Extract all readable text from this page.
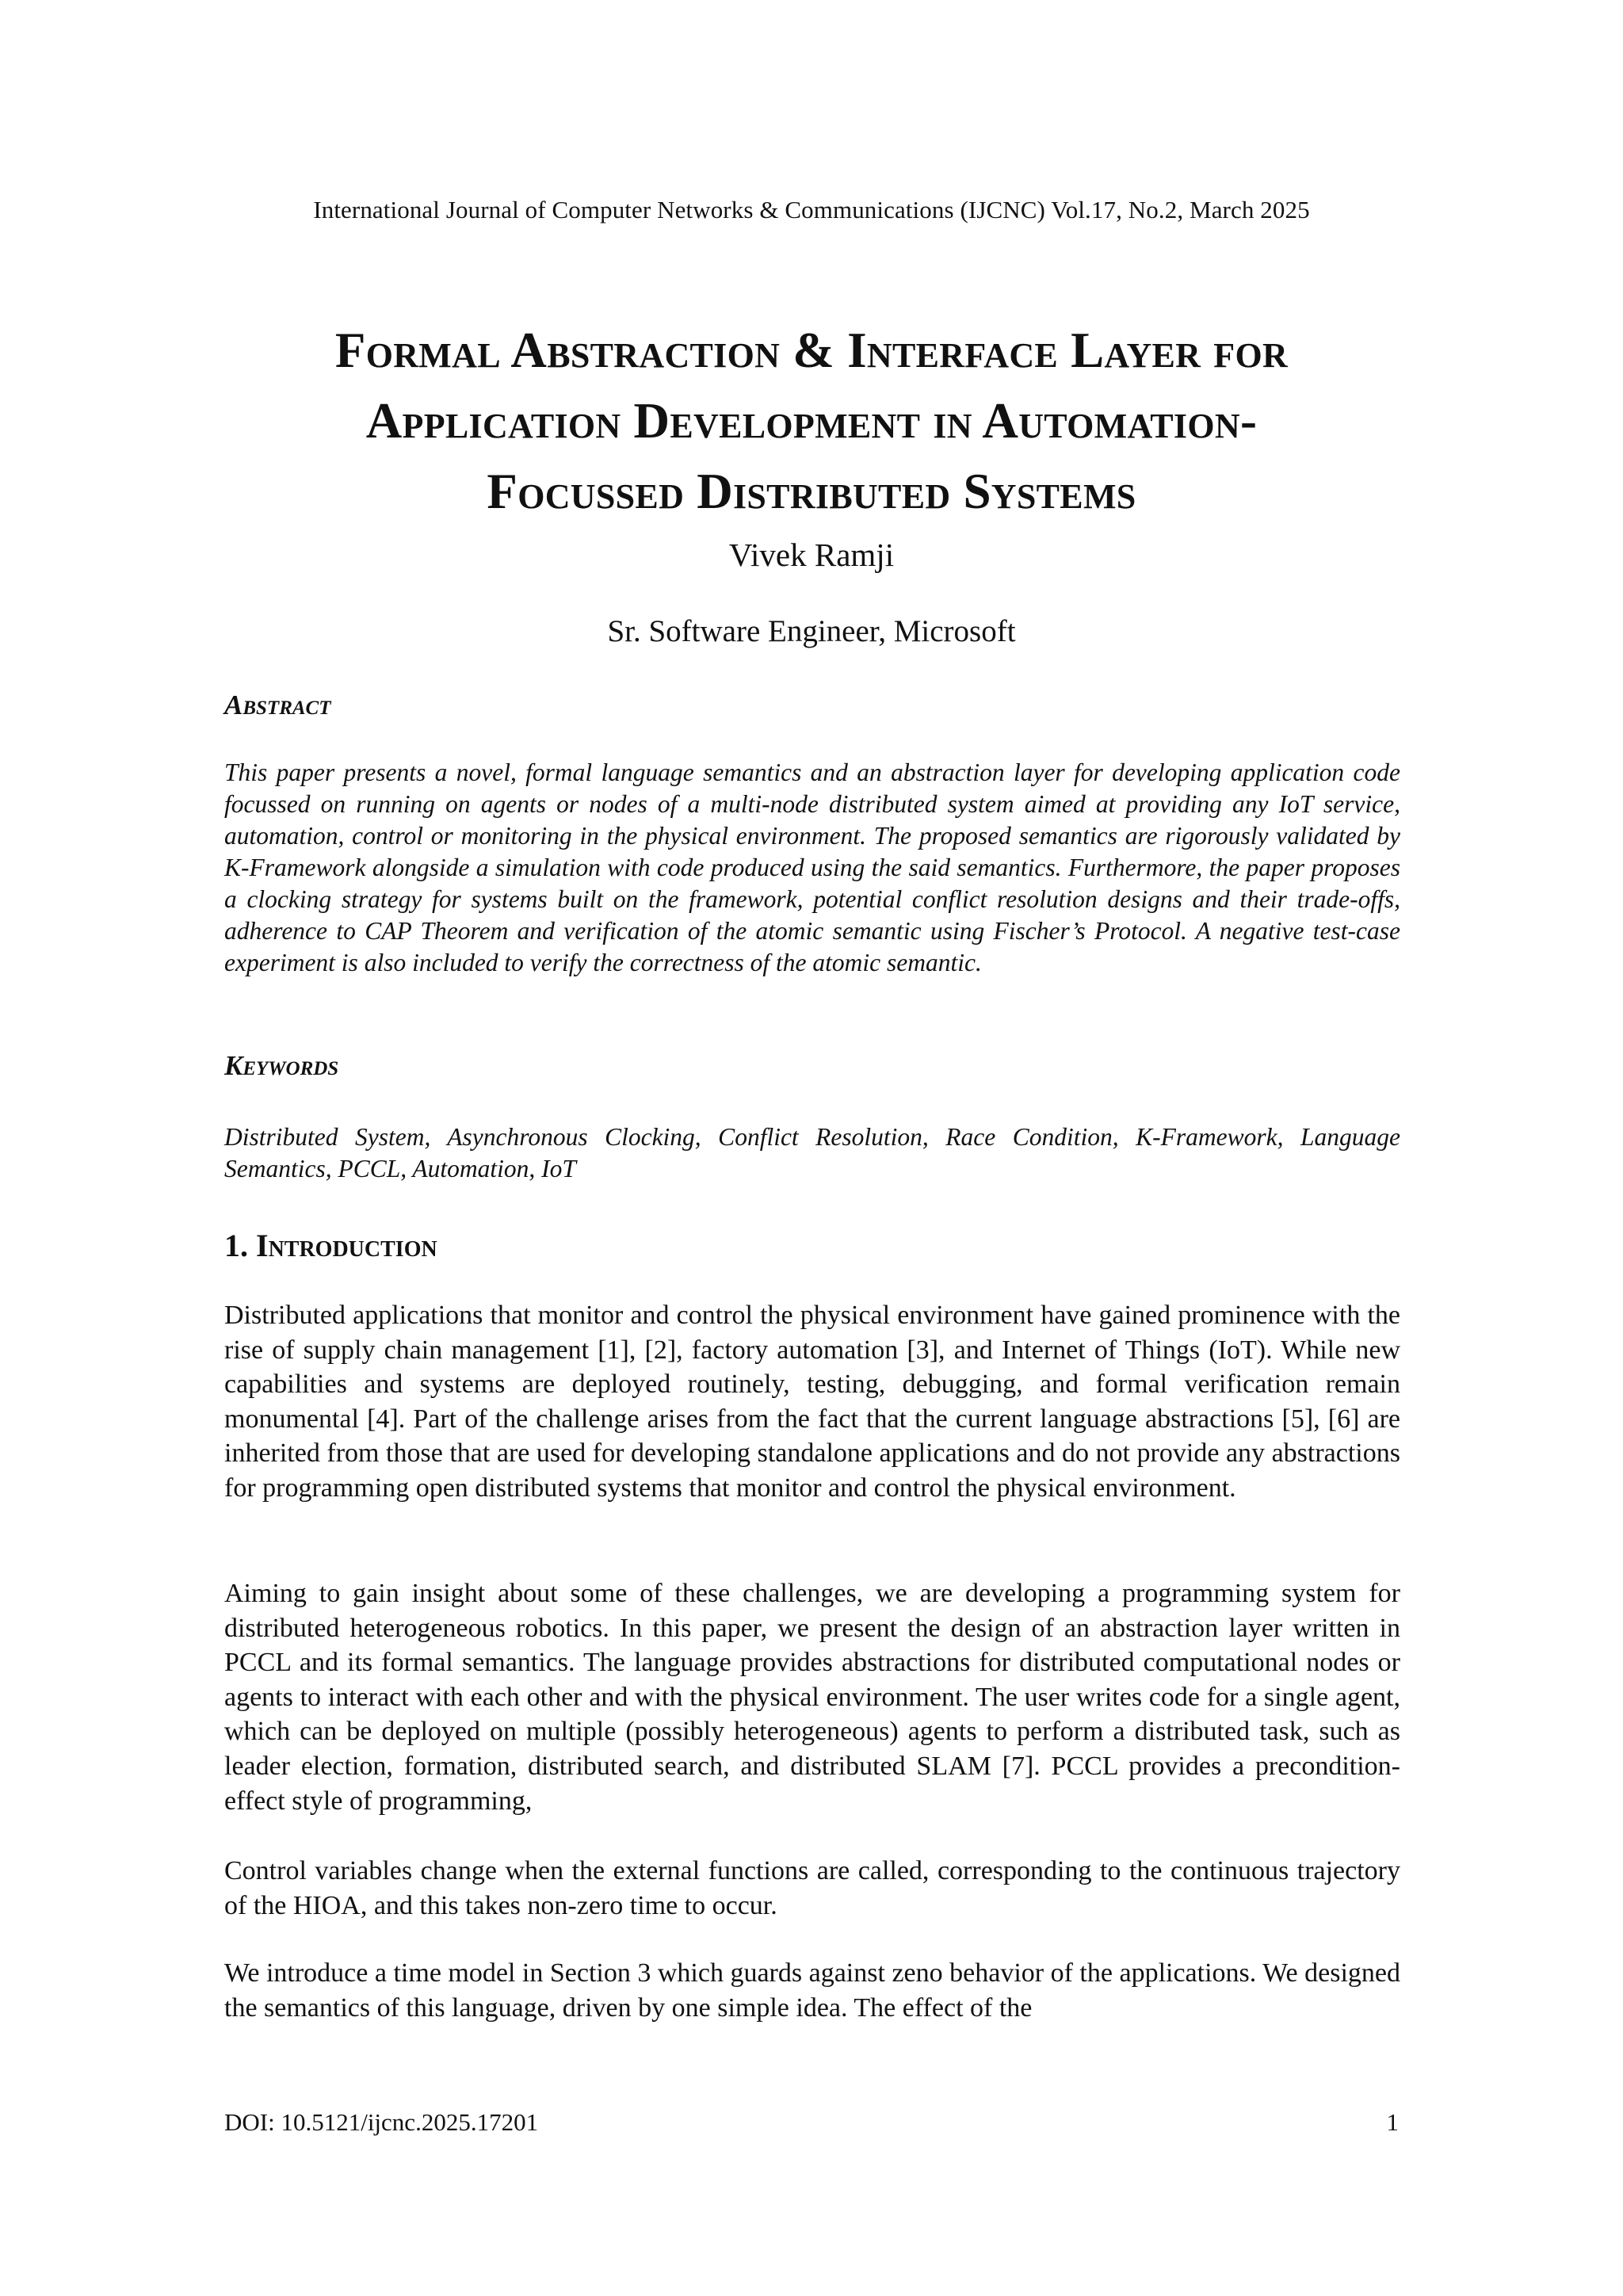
International Journal of Computer Networks & Communications (IJCNC) Vol.17, No.2, March 2025
Formal Abstraction & Interface Layer for
Application Development in Automation-
Focussed Distributed Systems
Vivek Ramji
Sr. Software Engineer, Microsoft
Abstract
This paper presents a novel, formal language semantics and an abstraction layer for developing application code focussed on running on agents or nodes of a multi-node distributed system aimed at providing any IoT service, automation, control or monitoring in the physical environment. The proposed semantics are rigorously validated by K-Framework alongside a simulation with code produced using the said semantics. Furthermore, the paper proposes a clocking strategy for systems built on the framework, potential conflict resolution designs and their trade-offs, adherence to CAP Theorem and verification of the atomic semantic using Fischer’s Protocol. A negative test-case experiment is also included to verify the correctness of the atomic semantic.
Keywords
Distributed System, Asynchronous Clocking, Conflict Resolution, Race Condition, K-Framework, Language Semantics, PCCL, Automation, IoT
1. Introduction
Distributed applications that monitor and control the physical environment have gained prominence with the rise of supply chain management [1], [2], factory automation [3], and Internet of Things (IoT). While new capabilities and systems are deployed routinely, testing, debugging, and formal verification remain monumental [4]. Part of the challenge arises from the fact that the current language abstractions [5], [6] are inherited from those that are used for developing standalone applications and do not provide any abstractions for programming open distributed systems that monitor and control the physical environment.
Aiming to gain insight about some of these challenges, we are developing a programming system for distributed heterogeneous robotics. In this paper, we present the design of an abstraction layer written in PCCL and its formal semantics. The language provides abstractions for distributed computational nodes or agents to interact with each other and with the physical environment. The user writes code for a single agent, which can be deployed on multiple (possibly heterogeneous) agents to perform a distributed task, such as leader election, formation, distributed search, and distributed SLAM [7]. PCCL provides a precondition-effect style of programming,
Control variables change when the external functions are called, corresponding to the continuous trajectory of the HIOA, and this takes non-zero time to occur.
We introduce a time model in Section 3 which guards against zeno behavior of the applications. We designed the semantics of this language, driven by one simple idea. The effect of the
DOI: 10.5121/ijcnc.2025.17201	1
